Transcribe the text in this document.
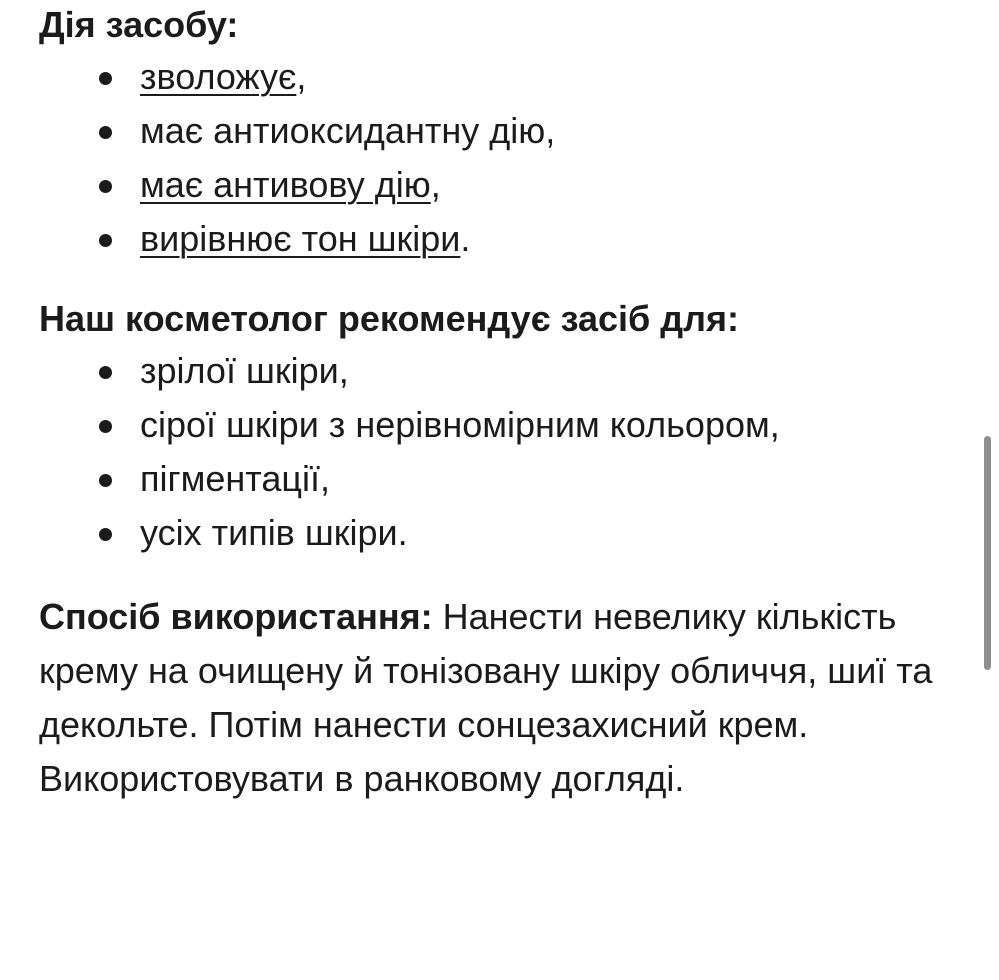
Дія засобу:
зволожує,
має антиоксидантну дію,
має антивову дію,
вирівнює тон шкіри.
Наш косметолог рекомендує засіб для:
зрілої шкіри,
сірої шкіри з нерівномірним кольором,
пігментації,
усіх типів шкіри.

Спосіб використання: Нанести невелику кількість крему на очищену й тонізовану шкіру обличчя, шиї та декольте. Потім нанести сонцезахисний крем. Використовувати в ранковому догляді.
